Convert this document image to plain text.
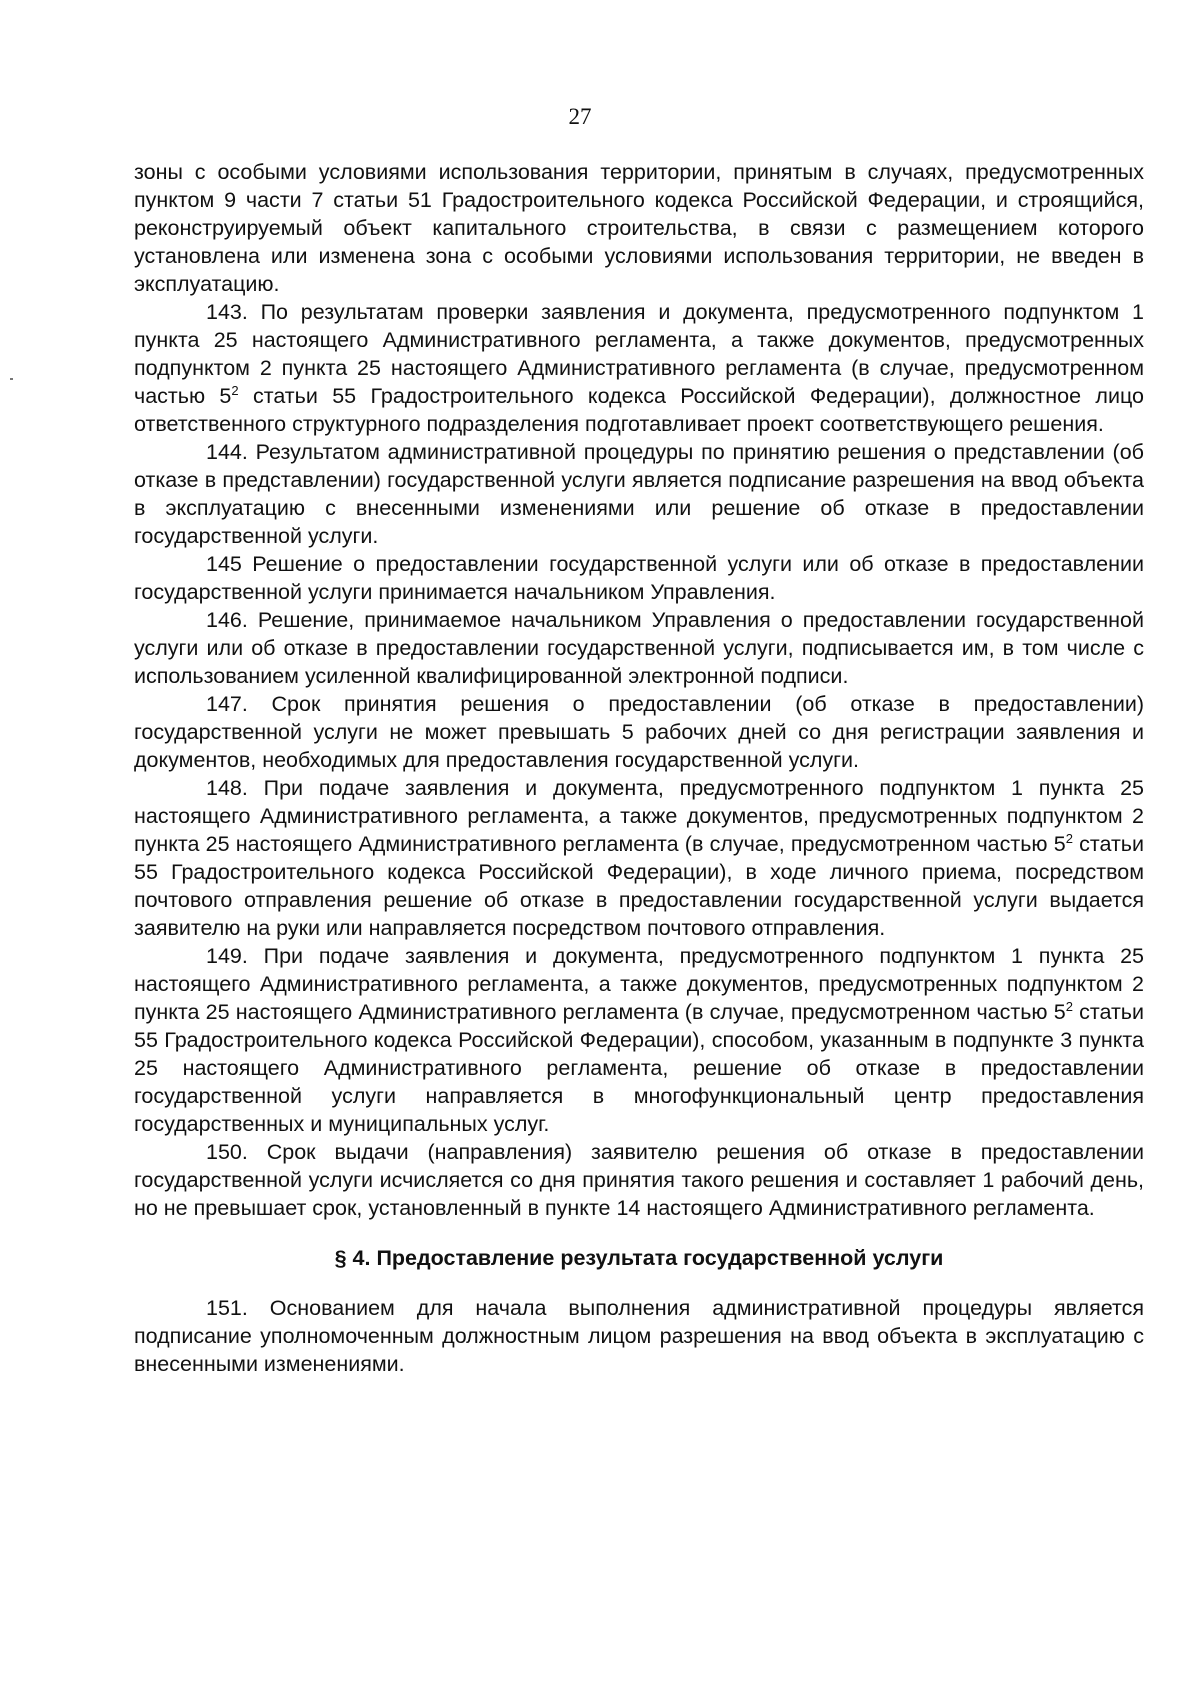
27

зоны с особыми условиями использования территории, принятым в случаях, предусмотренных пунктом 9 части 7 статьи 51 Градостроительного кодекса Российской Федерации, и строящийся, реконструируемый объект капитального строительства, в связи с размещением которого установлена или изменена зона с особыми условиями использования территории, не введен в эксплуатацию.

143. По результатам проверки заявления и документа, предусмотренного подпунктом 1 пункта 25 настоящего Административного регламента, а также документов, предусмотренных подпунктом 2 пункта 25 настоящего Административного регламента (в случае, предусмотренном частью $5^2$ статьи 55 Градостроительного кодекса Российской Федерации), должностное лицо ответственного структурного подразделения подготавливает проект соответствующего решения.

144. Результатом административной процедуры по принятию решения о представлении (об отказе в представлении) государственной услуги является подписание разрешения на ввод объекта в эксплуатацию с внесенными изменениями или решение об отказе в предоставлении государственной услуги.

145 Решение о предоставлении государственной услуги или об отказе в предоставлении государственной услуги принимается начальником Управления.

146. Решение, принимаемое начальником Управления о предоставлении государственной услуги или об отказе в предоставлении государственной услуги, подписывается им, в том числе с использованием усиленной квалифицированной электронной подписи.

147. Срок принятия решения о предоставлении (об отказе в предоставлении) государственной услуги не может превышать 5 рабочих дней со дня регистрации заявления и документов, необходимых для предоставления государственной услуги.

148. При подаче заявления и документа, предусмотренного подпунктом 1 пункта 25 настоящего Административного регламента, а также документов, предусмотренных подпунктом 2 пункта 25 настоящего Административного регламента (в случае, предусмотренном частью $5^2$ статьи 55 Градостроительного кодекса Российской Федерации), в ходе личного приема, посредством почтового отправления решение об отказе в предоставлении государственной услуги выдается заявителю на руки или направляется посредством почтового отправления.

149. При подаче заявления и документа, предусмотренного подпунктом 1 пункта 25 настоящего Административного регламента, а также документов, предусмотренных подпунктом 2 пункта 25 настоящего Административного регламента (в случае, предусмотренном частью $5^2$ статьи 55 Градостроительного кодекса Российской Федерации), способом, указанным в подпункте 3 пункта 25 настоящего Административного регламента, решение об отказе в предоставлении государственной услуги направляется в многофункциональный центр предоставления государственных и муниципальных услуг.

150. Срок выдачи (направления) заявителю решения об отказе в предоставлении государственной услуги исчисляется со дня принятия такого решения и составляет 1 рабочий день, но не превышает срок, установленный в пункте 14 настоящего Административного регламента.

§ 4. Предоставление результата государственной услуги

151. Основанием для начала выполнения административной процедуры является подписание уполномоченным должностным лицом разрешения на ввод объекта в эксплуатацию с внесенными изменениями.
